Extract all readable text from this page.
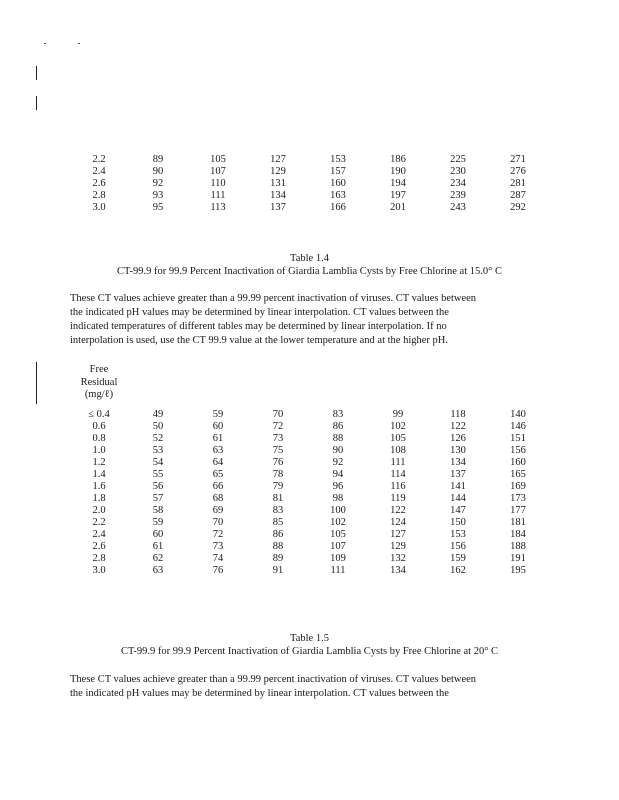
2.2	89	105	127	153	186	225	271
2.4	90	107	129	157	190	230	276
2.6	92	110	131	160	194	234	281
2.8	93	111	134	163	197	239	287
3.0	95	113	137	166	201	243	292
Table 1.4
CT-99.9 for 99.9 Percent Inactivation of Giardia Lamblia Cysts by Free Chlorine at 15.0° C
These CT values achieve greater than a 99.99 percent inactivation of viruses. CT values between
the indicated pH values may be determined by linear interpolation. CT values between the
indicated temperatures of different tables may be determined by linear interpolation. If no
interpolation is used, use the CT 99.9 value at the lower temperature and at the higher pH.
Free
Residual
(mg/ℓ)
≤ 0.4	49	59	70	83	99	118	140
0.6	50	60	72	86	102	122	146
0.8	52	61	73	88	105	126	151
1.0	53	63	75	90	108	130	156
1.2	54	64	76	92	111	134	160
1.4	55	65	78	94	114	137	165
1.6	56	66	79	96	116	141	169
1.8	57	68	81	98	119	144	173
2.0	58	69	83	100	122	147	177
2.2	59	70	85	102	124	150	181
2.4	60	72	86	105	127	153	184
2.6	61	73	88	107	129	156	188
2.8	62	74	89	109	132	159	191
3.0	63	76	91	111	134	162	195
Table 1.5
CT-99.9 for 99.9 Percent Inactivation of Giardia Lamblia Cysts by Free Chlorine at 20° C
These CT values achieve greater than a 99.99 percent inactivation of viruses. CT values between
the indicated pH values may be determined by linear interpolation. CT values between the
